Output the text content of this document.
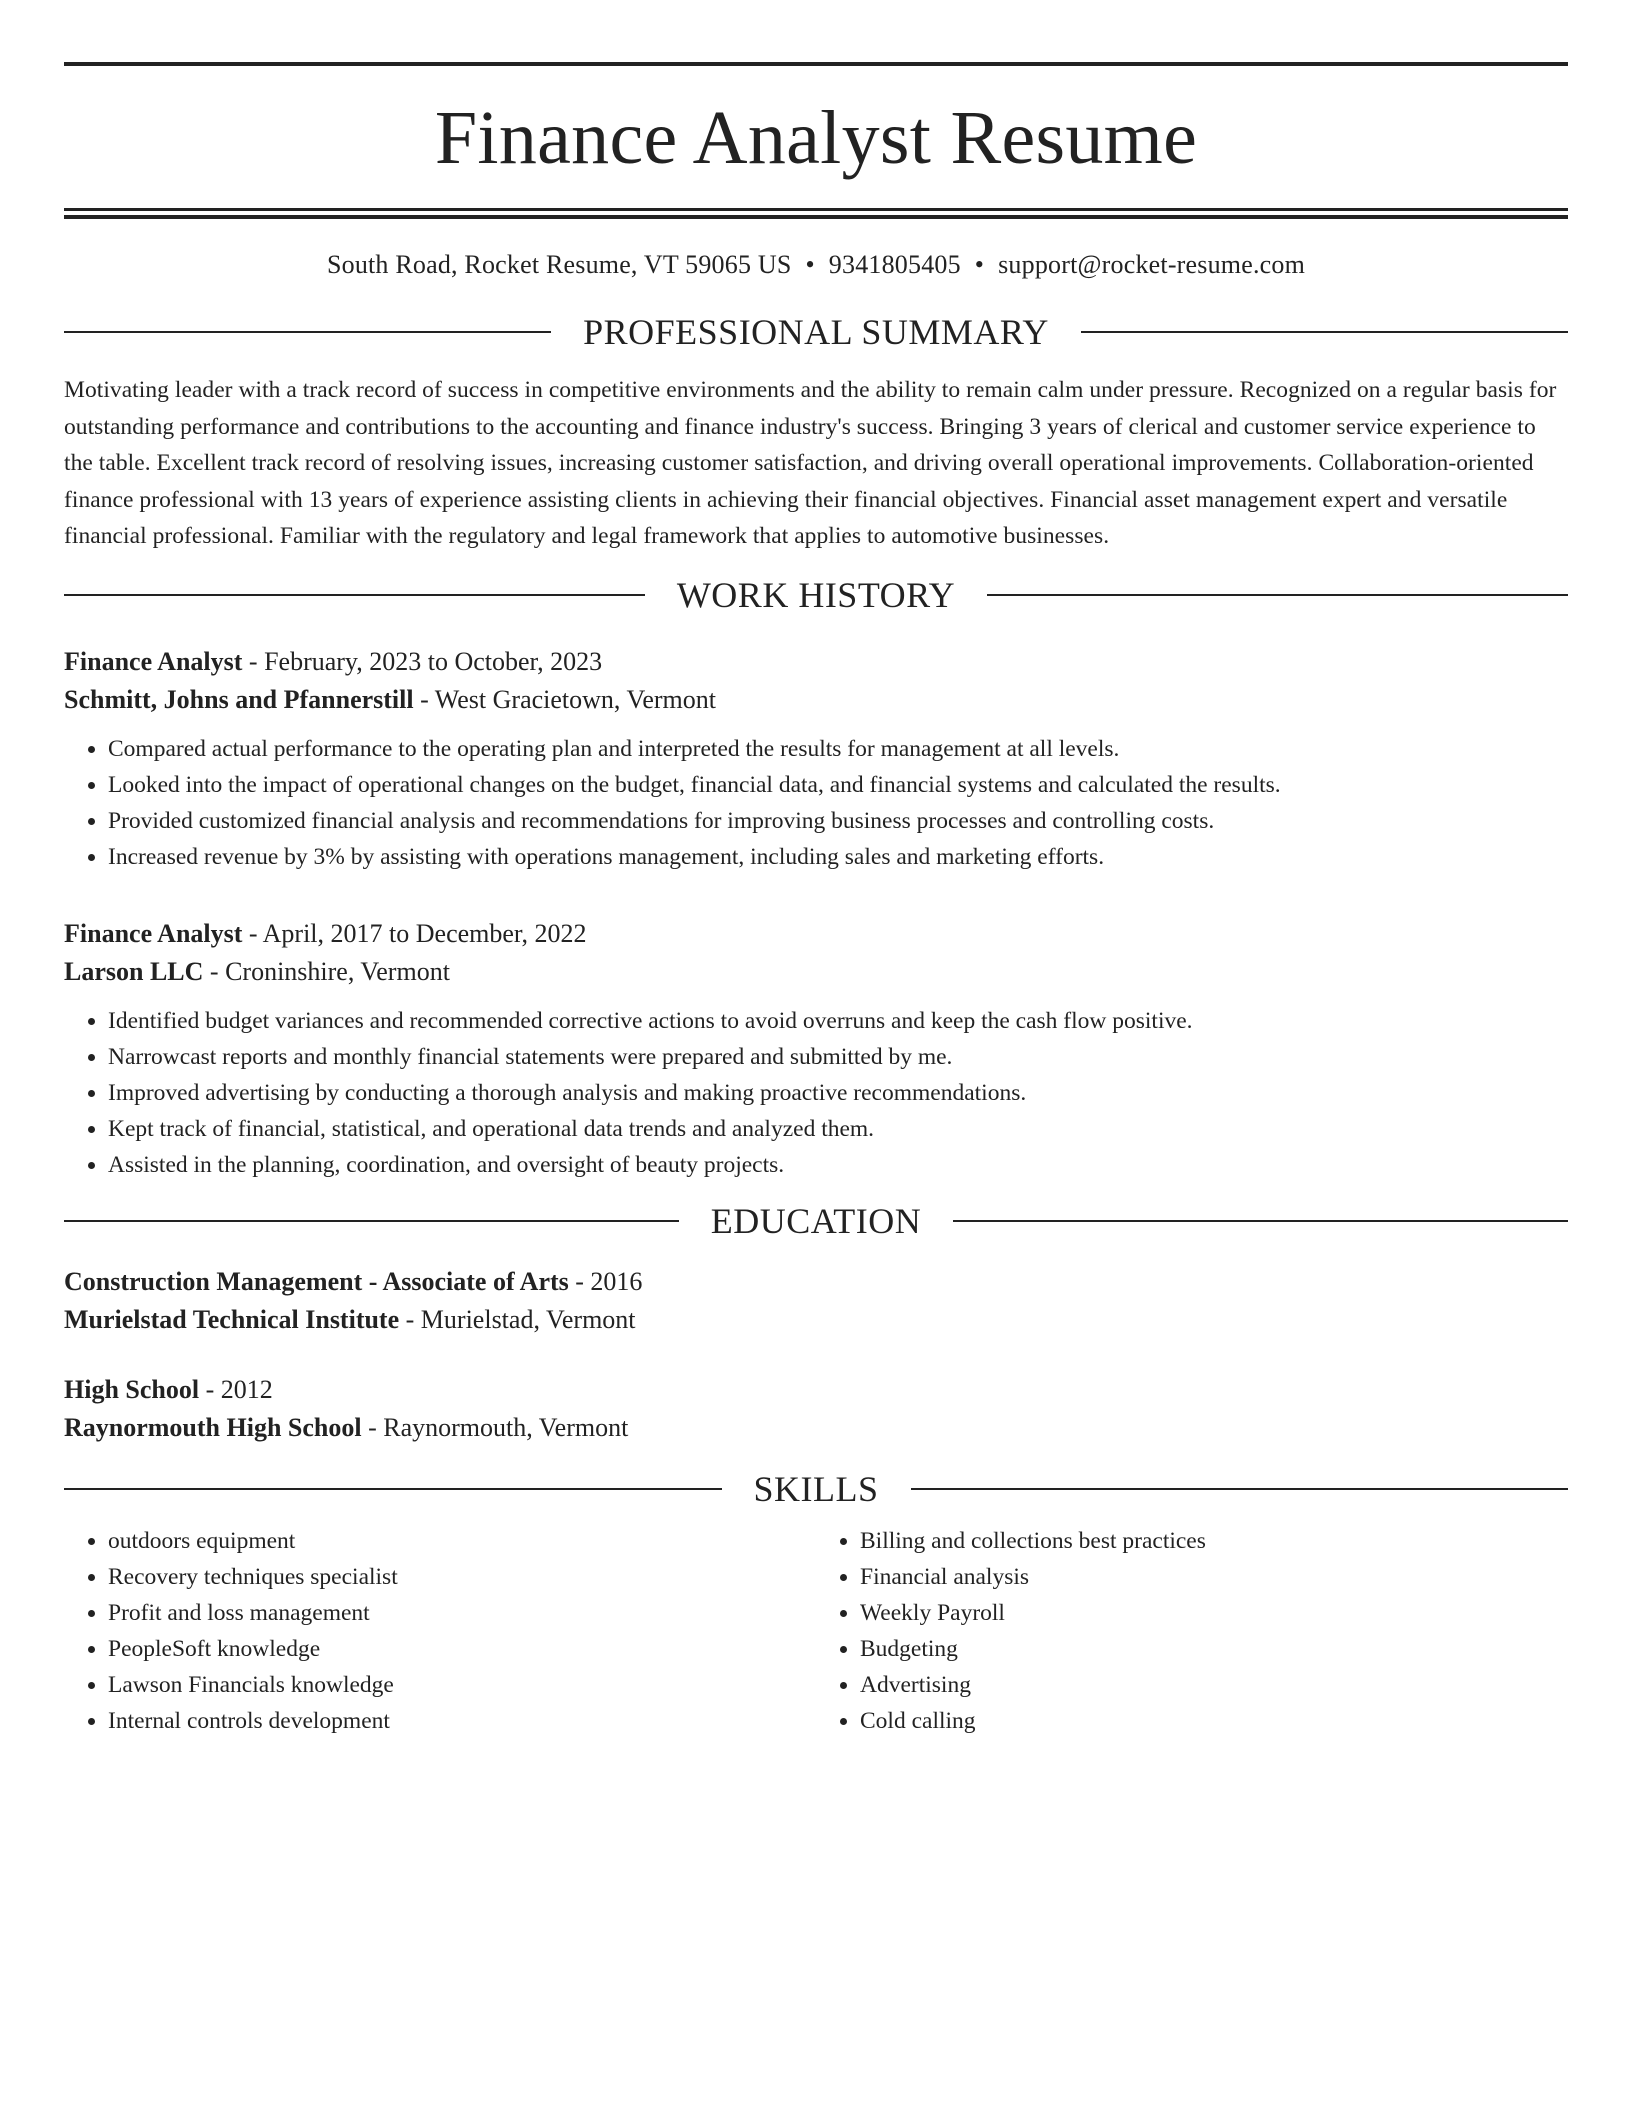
Finance Analyst Resume
South Road, Rocket Resume, VT 59065 US • 9341805405 • support@rocket-resume.com
PROFESSIONAL SUMMARY
Motivating leader with a track record of success in competitive environments and the ability to remain calm under pressure. Recognized on a regular basis for outstanding performance and contributions to the accounting and finance industry's success. Bringing 3 years of clerical and customer service experience to the table. Excellent track record of resolving issues, increasing customer satisfaction, and driving overall operational improvements. Collaboration-oriented finance professional with 13 years of experience assisting clients in achieving their financial objectives. Financial asset management expert and versatile financial professional. Familiar with the regulatory and legal framework that applies to automotive businesses.
WORK HISTORY
Finance Analyst - February, 2023 to October, 2023
Schmitt, Johns and Pfannerstill - West Gracietown, Vermont
• Compared actual performance to the operating plan and interpreted the results for management at all levels.
• Looked into the impact of operational changes on the budget, financial data, and financial systems and calculated the results.
• Provided customized financial analysis and recommendations for improving business processes and controlling costs.
• Increased revenue by 3% by assisting with operations management, including sales and marketing efforts.
Finance Analyst - April, 2017 to December, 2022
Larson LLC - Croninshire, Vermont
• Identified budget variances and recommended corrective actions to avoid overruns and keep the cash flow positive.
• Narrowcast reports and monthly financial statements were prepared and submitted by me.
• Improved advertising by conducting a thorough analysis and making proactive recommendations.
• Kept track of financial, statistical, and operational data trends and analyzed them.
• Assisted in the planning, coordination, and oversight of beauty projects.
EDUCATION
Construction Management - Associate of Arts - 2016
Murielstad Technical Institute - Murielstad, Vermont
High School - 2012
Raynormouth High School - Raynormouth, Vermont
SKILLS
• outdoors equipment
• Recovery techniques specialist
• Profit and loss management
• PeopleSoft knowledge
• Lawson Financials knowledge
• Internal controls development
• Billing and collections best practices
• Financial analysis
• Weekly Payroll
• Budgeting
• Advertising
• Cold calling
